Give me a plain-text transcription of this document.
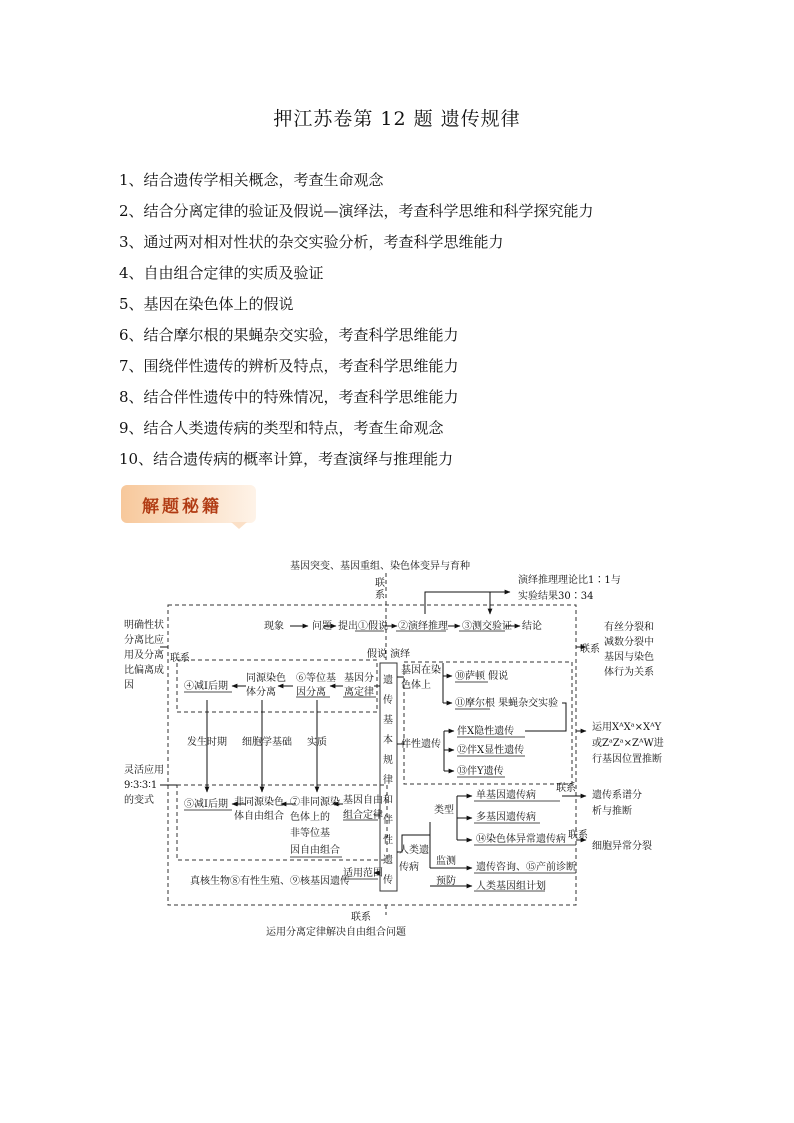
押江苏卷第 12 题 遗传规律
1、结合遗传学相关概念，考查生命观念
2、结合分离定律的验证及假说—演绎法，考查科学思维和科学探究能力
3、通过两对相对性状的杂交实验分析，考查科学思维能力
4、自由组合定律的实质及验证
5、基因在染色体上的假说
6、结合摩尔根的果蝇杂交实验，考查科学思维能力
7、围绕伴性遗传的辨析及特点，考查科学思维能力
8、结合伴性遗传中的特殊情况，考查科学思维能力
9、结合人类遗传病的类型和特点，考查生命观念
10、结合遗传病的概率计算，考查演绎与推理能力
解题秘籍
基因突变、基因重组、染色体变异与育种
联
系
演绎推理理论比1∶1与
实验结果30∶34
明确性状
分离比应
用及分离
比偏离成
因
联系
有丝分裂和
减数分裂中
基因与染色
体行为关系
联系
现象	问题 提出①假说 ②演绎推理 ③测交验证 结论
假说 演绎
遗
传
基
本
规
律
和
伴
性
遗
传
④减Ⅰ后期
同源染色
体分离
⑥等位基
因分离
基因分
离定律
发生时期 细胞学基础 实质
灵活应用
9∶3∶3∶1
的变式	⑤减Ⅰ后期 非同源染色
体自由组合
⑦非同源染
色体上的
非等位基
因自由组合
基因自由
组合定律
真核生物⑧有性生殖、⑨核基因遗传
适用范围
基因在染
色体上
⑩萨顿 假说
⑪摩尔根 果蝇杂交实验
伴性遗传
伴X隐性遗传
⑫伴X显性遗传
⑬伴Y遗传
运用XᴬXᵃ×XᴬY
或ZᵃZᵃ×ZᴬW进
行基因位置推断
人类遗
传病
类型
单基因遗传病
多基因遗传病
⑭染色体异常遗传病
监测
预防
遗传咨询、⑮产前诊断
人类基因组计划
联系
遗传系谱分
析与推断
联系
细胞异常分裂
联系
运用分离定律解决自由组合问题
